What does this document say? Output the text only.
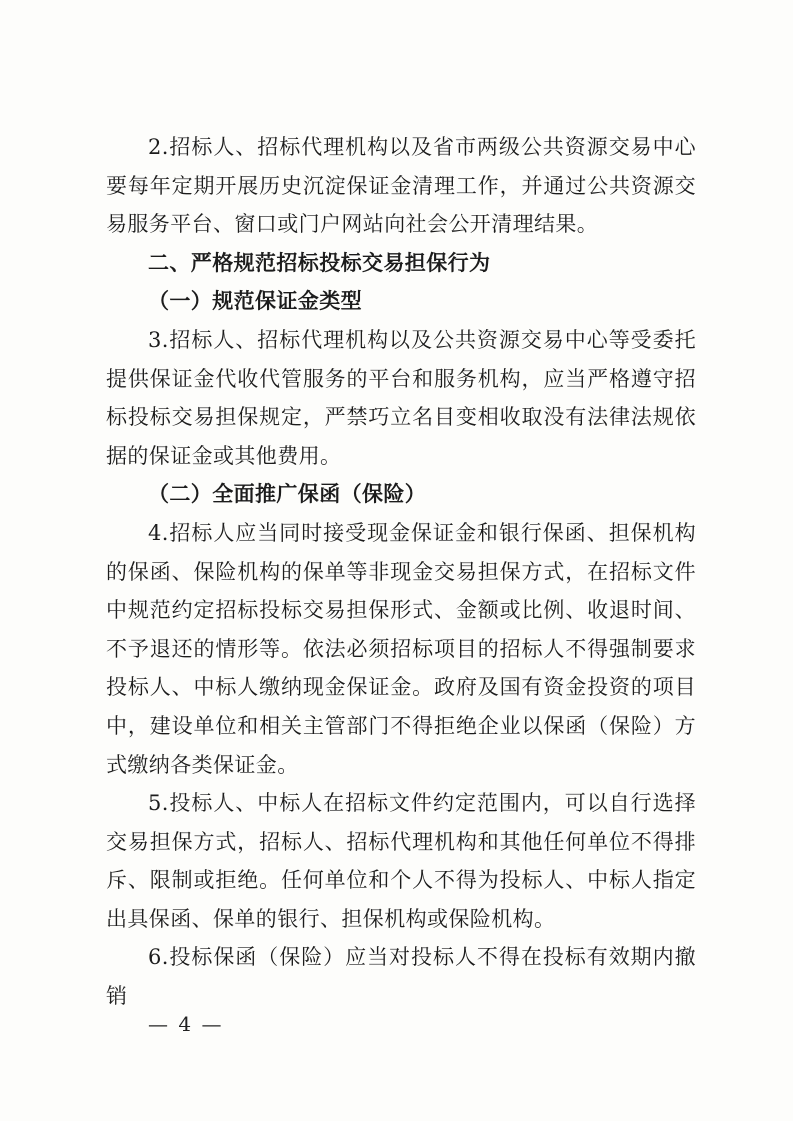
2.招标人、招标代理机构以及省市两级公共资源交易中心要每年定期开展历史沉淀保证金清理工作，并通过公共资源交易服务平台、窗口或门户网站向社会公开清理结果。

二、严格规范招标投标交易担保行为

（一）规范保证金类型

3.招标人、招标代理机构以及公共资源交易中心等受委托提供保证金代收代管服务的平台和服务机构，应当严格遵守招标投标交易担保规定，严禁巧立名目变相收取没有法律法规依据的保证金或其他费用。

（二）全面推广保函（保险）

4.招标人应当同时接受现金保证金和银行保函、担保机构的保函、保险机构的保单等非现金交易担保方式，在招标文件中规范约定招标投标交易担保形式、金额或比例、收退时间、不予退还的情形等。依法必须招标项目的招标人不得强制要求投标人、中标人缴纳现金保证金。政府及国有资金投资的项目中，建设单位和相关主管部门不得拒绝企业以保函（保险）方式缴纳各类保证金。

5.投标人、中标人在招标文件约定范围内，可以自行选择交易担保方式，招标人、招标代理机构和其他任何单位不得排斥、限制或拒绝。任何单位和个人不得为投标人、中标人指定出具保函、保单的银行、担保机构或保险机构。

6.投标保函（保险）应当对投标人不得在投标有效期内撤销

— 4 —
